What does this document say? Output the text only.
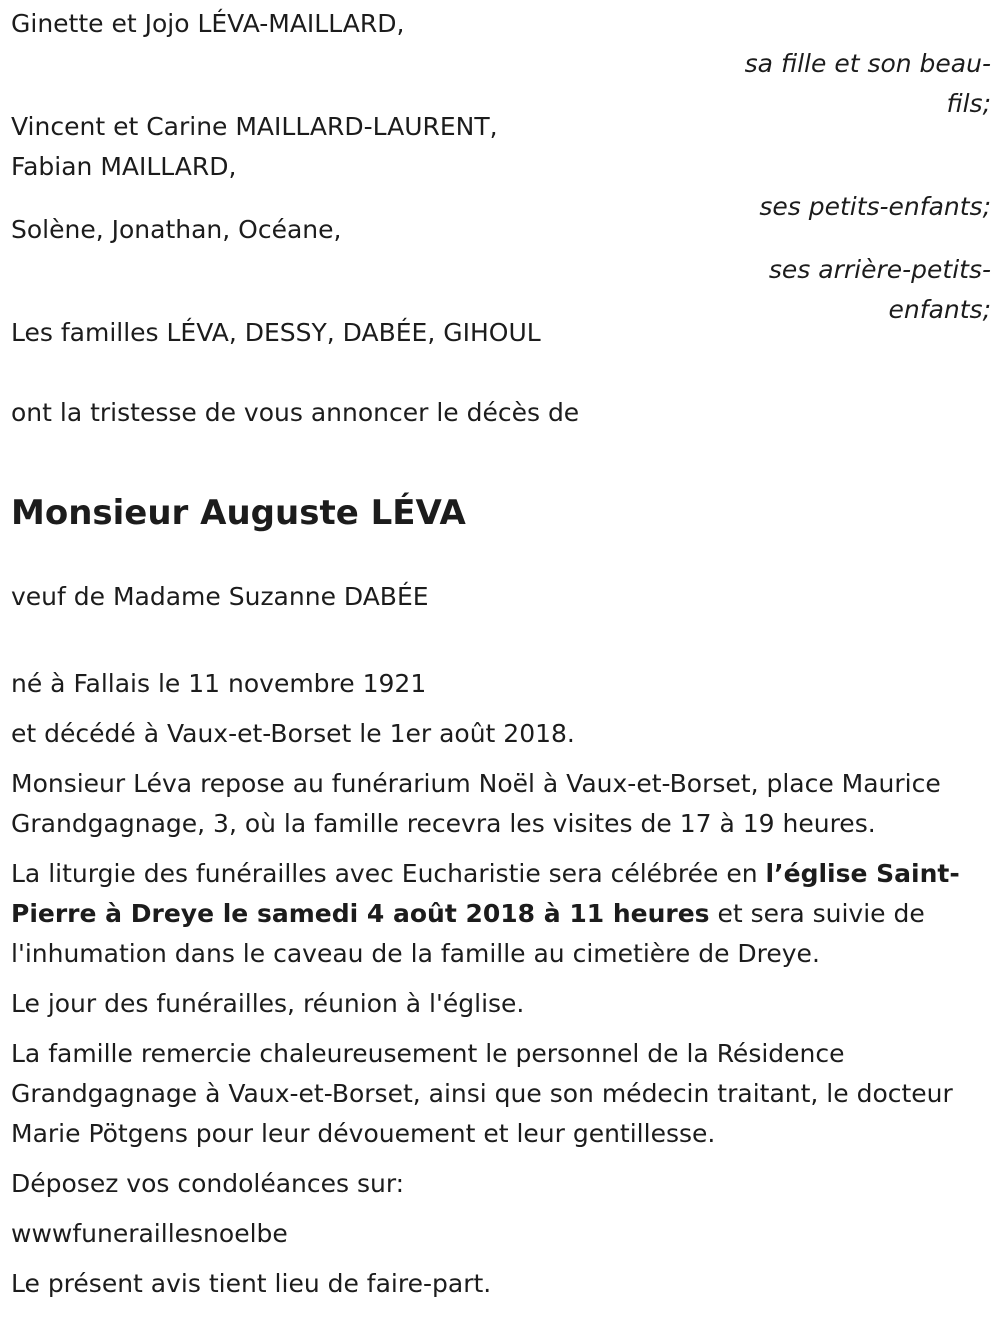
Ginette et Jojo LÉVA-MAILLARD,
sa fille et son beau-fils;
Vincent et Carine MAILLARD-LAURENT,
Fabian MAILLARD,
ses petits-enfants;
Solène, Jonathan, Océane,
ses arrière-petits-enfants;
Les familles LÉVA, DESSY, DABÉE, GIHOUL

ont la tristesse de vous annoncer le décès de

Monsieur Auguste LÉVA

veuf de Madame Suzanne DABÉE

né à Fallais le 11 novembre 1921

et décédé à Vaux-et-Borset le 1er août 2018.

Monsieur Léva repose au funérarium Noël à Vaux-et-Borset, place Maurice Grandgagnage, 3, où la famille recevra les visites de 17 à 19 heures.

La liturgie des funérailles avec Eucharistie sera célébrée en l’église Saint-Pierre à Dreye le samedi 4 août 2018 à 11 heures et sera suivie de l'inhumation dans le caveau de la famille au cimetière de Dreye.

Le jour des funérailles, réunion à l'église.

La famille remercie chaleureusement le personnel de la Résidence Grandgagnage à Vaux-et-Borset, ainsi que son médecin traitant, le docteur Marie Pötgens pour leur dévouement et leur gentillesse.

Déposez vos condoléances sur:

wwwfuneraillesnoelbe

Le présent avis tient lieu de faire-part.
